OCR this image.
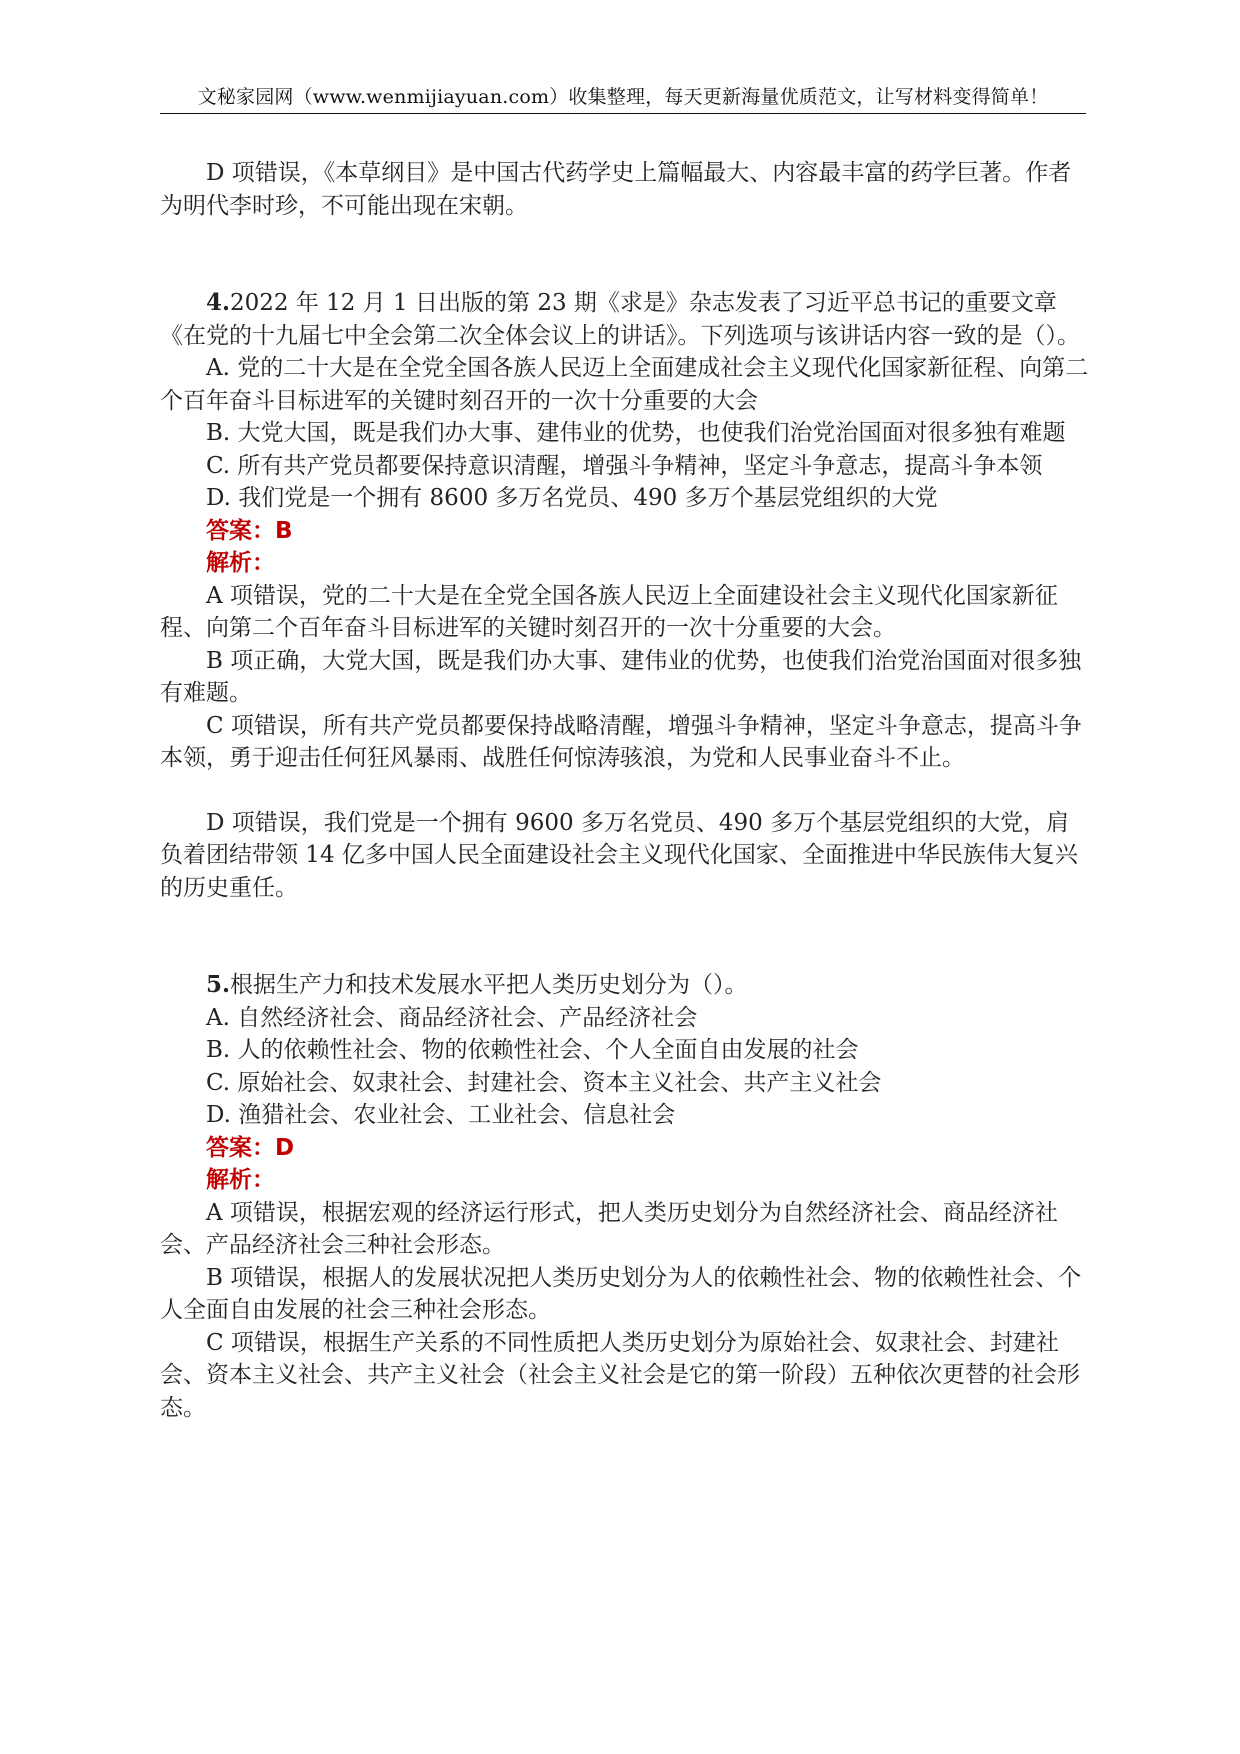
文秘家园网（www.wenmijiayuan.com）收集整理，每天更新海量优质范文，让写材料变得简单！

D 项错误，《本草纲目》是中国古代药学史上篇幅最大、内容最丰富的药学巨著。作者为明代李时珍，不可能出现在宋朝。

4.2022 年 12 月 1 日出版的第 23 期《求是》杂志发表了习近平总书记的重要文章《在党的十九届七中全会第二次全体会议上的讲话》。下列选项与该讲话内容一致的是（）。

A. 党的二十大是在全党全国各族人民迈上全面建成社会主义现代化国家新征程、向第二个百年奋斗目标进军的关键时刻召开的一次十分重要的大会

B. 大党大国，既是我们办大事、建伟业的优势，也使我们治党治国面对很多独有难题

C. 所有共产党员都要保持意识清醒，增强斗争精神，坚定斗争意志，提高斗争本领

D. 我们党是一个拥有 8600 多万名党员、490 多万个基层党组织的大党

答案：B

解析：

A 项错误，党的二十大是在全党全国各族人民迈上全面建设社会主义现代化国家新征程、向第二个百年奋斗目标进军的关键时刻召开的一次十分重要的大会。

B 项正确，大党大国，既是我们办大事、建伟业的优势，也使我们治党治国面对很多独有难题。

C 项错误，所有共产党员都要保持战略清醒，增强斗争精神，坚定斗争意志，提高斗争本领，勇于迎击任何狂风暴雨、战胜任何惊涛骇浪，为党和人民事业奋斗不止。

D 项错误，我们党是一个拥有 9600 多万名党员、490 多万个基层党组织的大党，肩负着团结带领 14 亿多中国人民全面建设社会主义现代化国家、全面推进中华民族伟大复兴的历史重任。

5.根据生产力和技术发展水平把人类历史划分为（）。

A. 自然经济社会、商品经济社会、产品经济社会

B. 人的依赖性社会、物的依赖性社会、个人全面自由发展的社会

C. 原始社会、奴隶社会、封建社会、资本主义社会、共产主义社会

D. 渔猎社会、农业社会、工业社会、信息社会

答案：D

解析：

A 项错误，根据宏观的经济运行形式，把人类历史划分为自然经济社会、商品经济社会、产品经济社会三种社会形态。

B 项错误，根据人的发展状况把人类历史划分为人的依赖性社会、物的依赖性社会、个人全面自由发展的社会三种社会形态。

C 项错误，根据生产关系的不同性质把人类历史划分为原始社会、奴隶社会、封建社会、资本主义社会、共产主义社会（社会主义社会是它的第一阶段）五种依次更替的社会形态。
